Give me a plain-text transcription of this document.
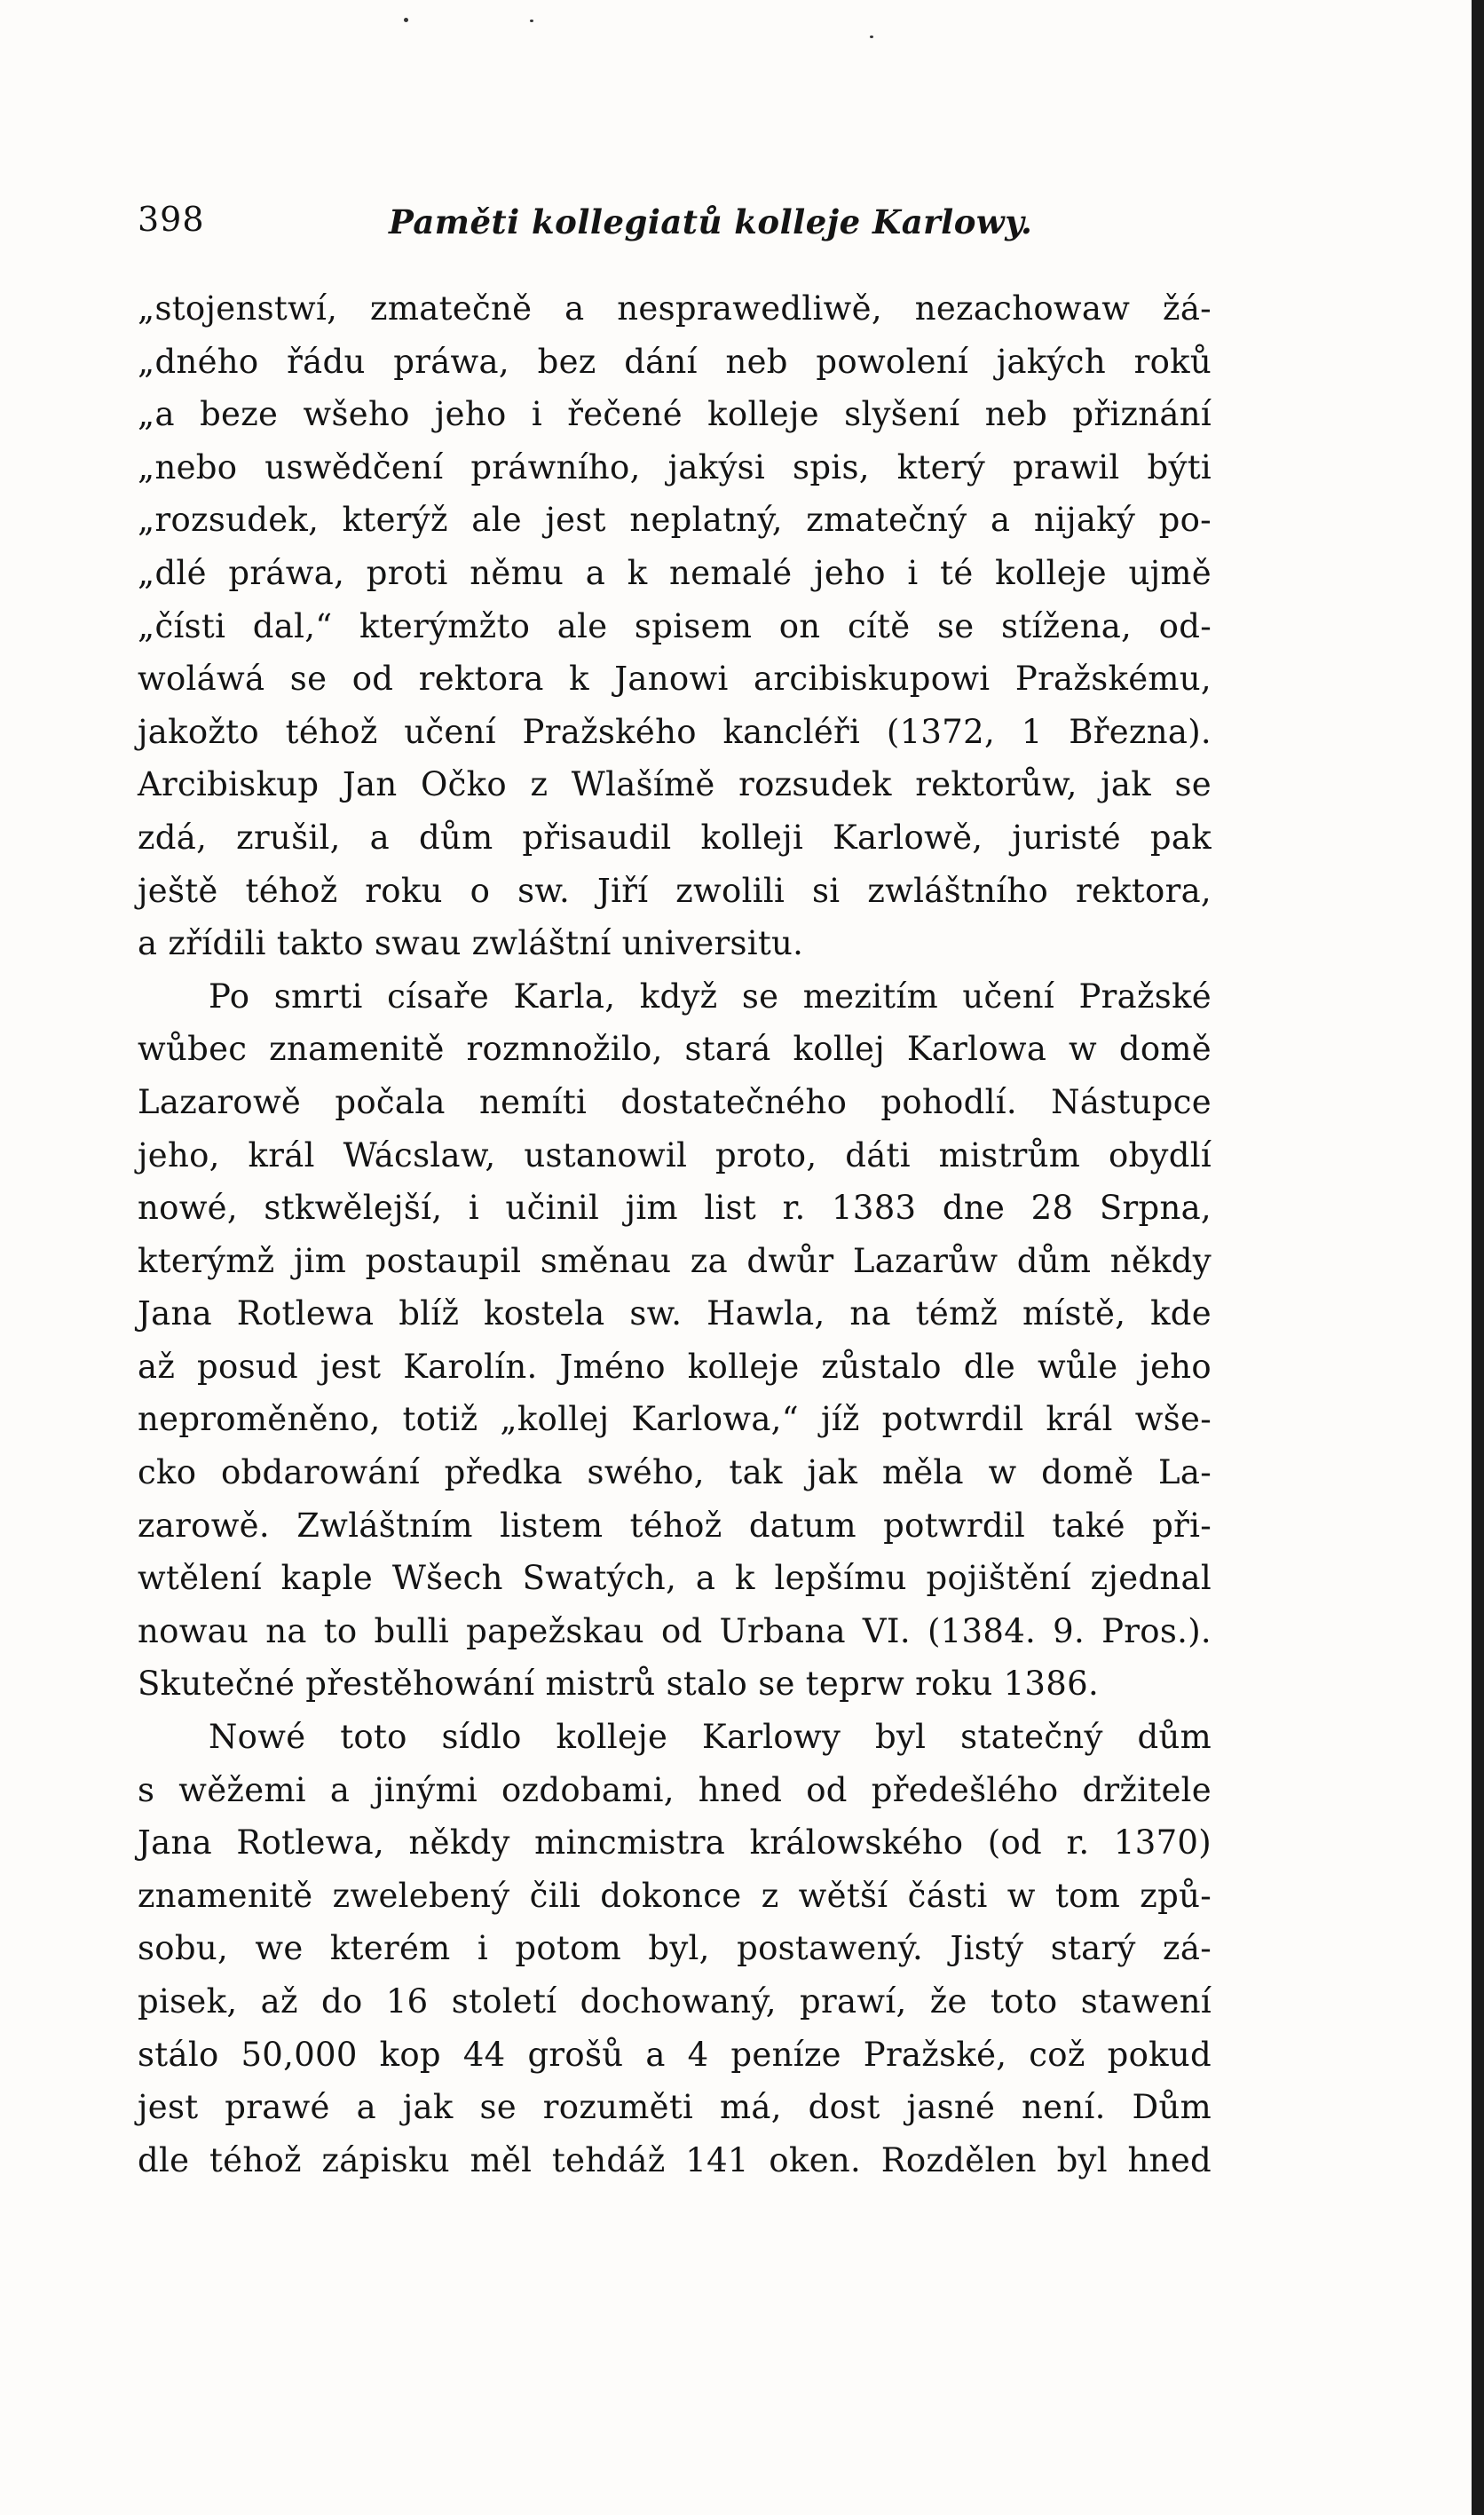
398	Paměti kollegiatů kolleje Karlowy.
„stojenstwí, zmatečně a nesprawedliwě, nezachowaw žá-
„dného řádu práwa, bez dání neb powolení jakých roků
„a beze wšeho jeho i řečené kolleje slyšení neb přiznání
„nebo uswědčení práwního, jakýsi spis, který prawil býti
„rozsudek, kterýž ale jest neplatný, zmatečný a nijaký po-
„dlé práwa, proti němu a k nemalé jeho i té kolleje ujmě
„čísti dal,“ kterýmžto ale spisem on cítě se stížena, od-
woláwá se od rektora k Janowi arcibiskupowi Pražskému,
jakožto téhož učení Pražského kancléři (1372, 1 Března).
Arcibiskup Jan Očko z Wlašímě rozsudek rektorůw, jak se
zdá, zrušil, a dům přisaudil kolleji Karlowě, juristé pak
ještě téhož roku o sw. Jiří zwolili si zwláštního rektora,
a zřídili takto swau zwláštní universitu.
Po smrti císaře Karla, když se mezitím učení Pražské
wůbec znamenitě rozmnožilo, stará kollej Karlowa w domě
Lazarowě počala nemíti dostatečného pohodlí. Nástupce
jeho, král Wácslaw, ustanowil proto, dáti mistrům obydlí
nowé, stkwělejší, i učinil jim list r. 1383 dne 28 Srpna,
kterýmž jim postaupil směnau za dwůr Lazarůw dům někdy
Jana Rotlewa blíž kostela sw. Hawla, na témž místě, kde
až posud jest Karolín. Jméno kolleje zůstalo dle wůle jeho
neproměněno, totiž „kollej Karlowa,“ jíž potwrdil král wše-
cko obdarowání předka swého, tak jak měla w domě La-
zarowě. Zwláštním listem téhož datum potwrdil také při-
wtělení kaple Wšech Swatých, a k lepšímu pojištění zjednal
nowau na to bulli papežskau od Urbana VI. (1384. 9. Pros.).
Skutečné přestěhowání mistrů stalo se teprw roku 1386.
Nowé toto sídlo kolleje Karlowy byl statečný dům
s wěžemi a jinými ozdobami, hned od předešlého držitele
Jana Rotlewa, někdy mincmistra králowského (od r. 1370)
znamenitě zwelebený čili dokonce z wětší části w tom způ-
sobu, we kterém i potom byl, postawený. Jistý starý zá-
pisek, až do 16 století dochowaný, prawí, že toto stawení
stálo 50,000 kop 44 grošů a 4 peníze Pražské, což pokud
jest prawé a jak se rozuměti má, dost jasné není. Dům
dle téhož zápisku měl tehdáž 141 oken. Rozdělen byl hned
